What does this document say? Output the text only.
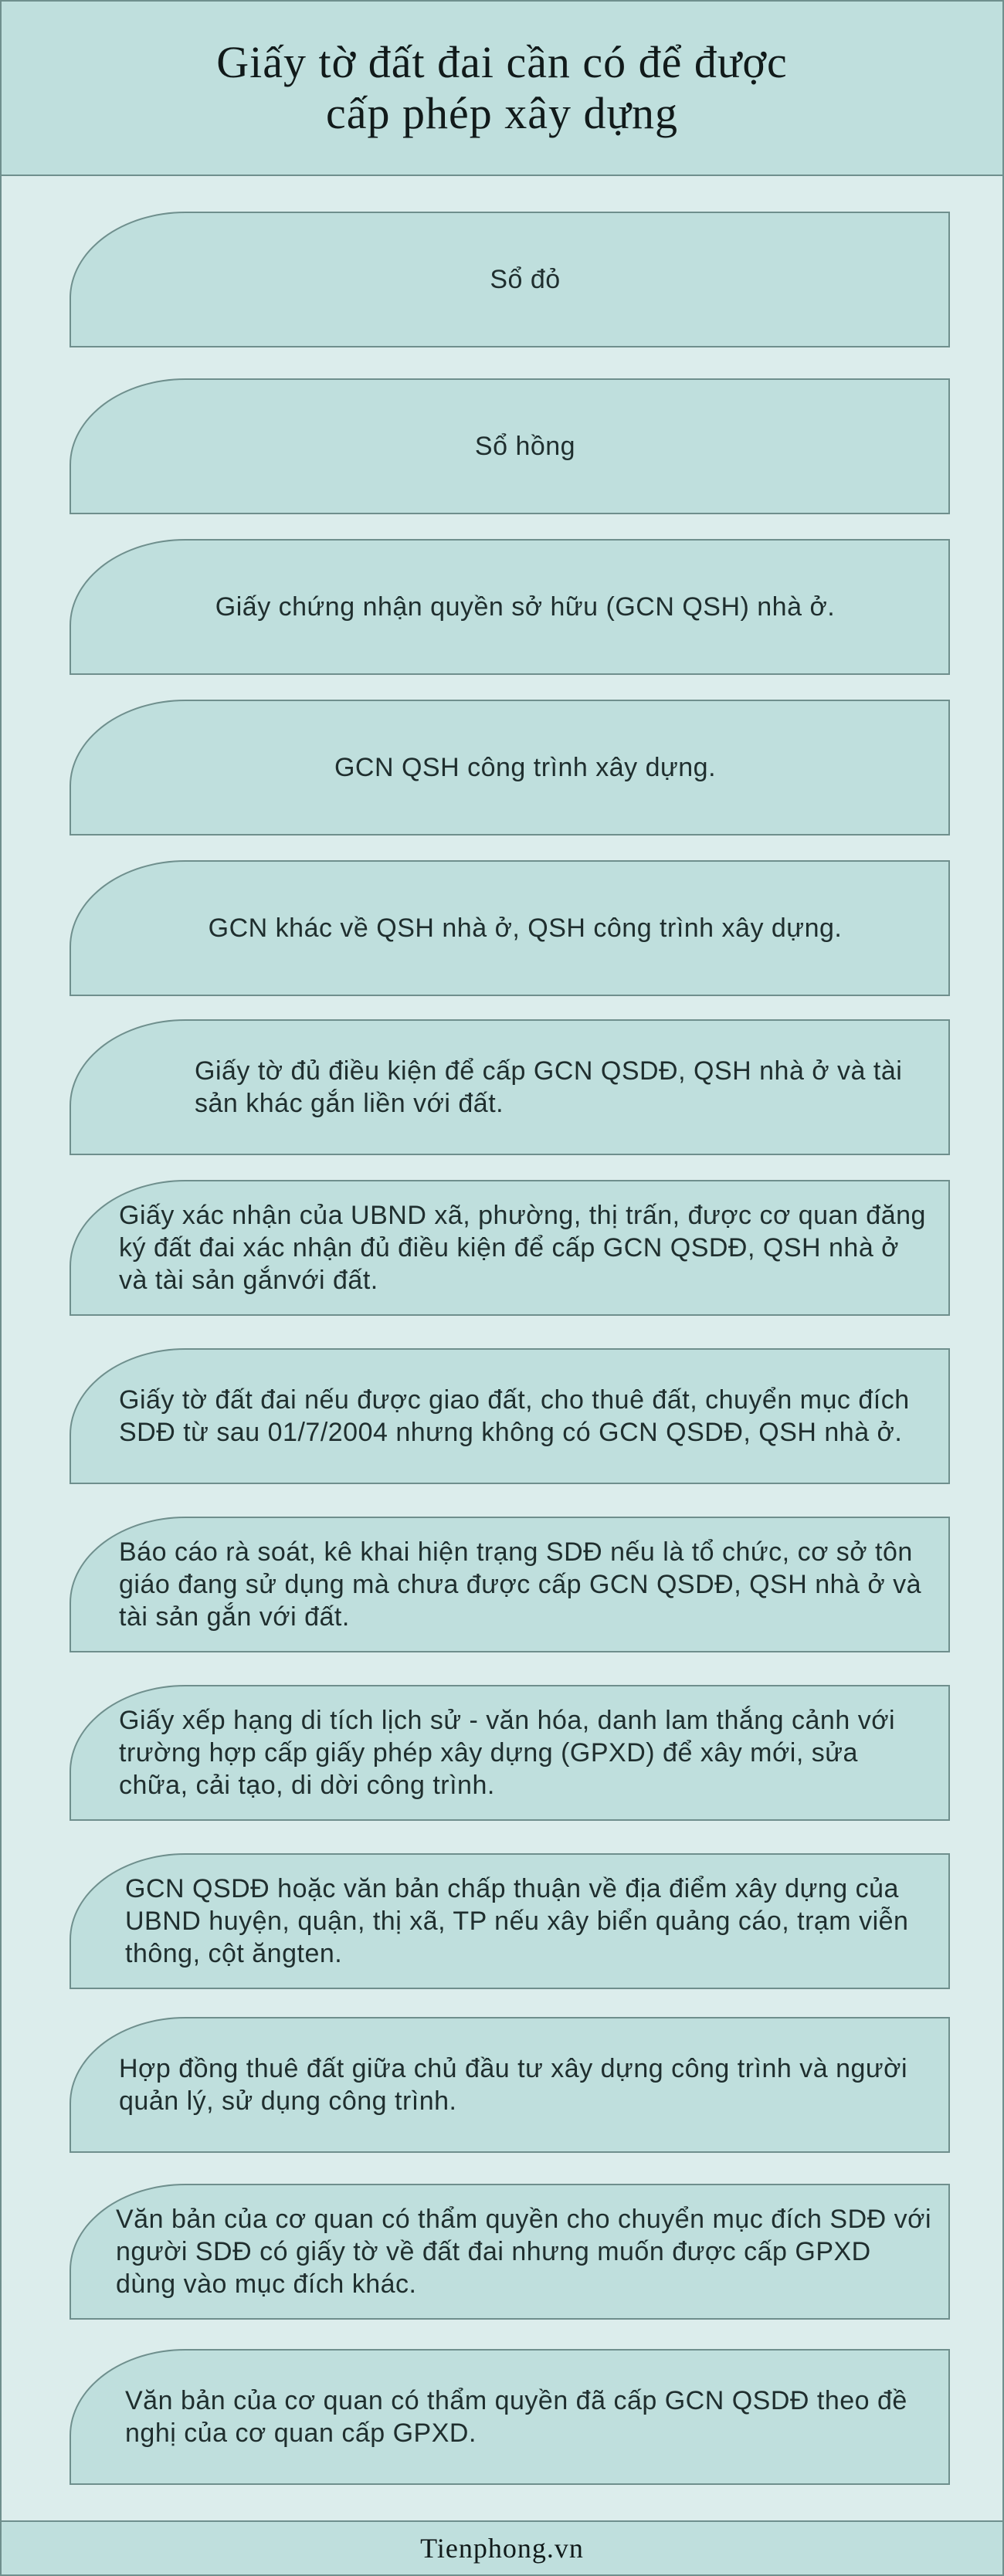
Giấy tờ đất đai cần có để được
cấp phép xây dựng
Sổ đỏ
Sổ hồng
Giấy chứng nhận quyền sở hữu (GCN QSH) nhà ở.
GCN QSH công trình xây dựng.
GCN khác về QSH nhà ở, QSH công trình xây dựng.
Giấy tờ đủ điều kiện để cấp GCN QSDĐ, QSH nhà ở và tài sản khác gắn liền với đất.
Giấy xác nhận của UBND xã, phường, thị trấn, được cơ quan đăng ký đất đai xác nhận đủ điều kiện để cấp GCN QSDĐ, QSH nhà ở và tài sản gắnvới đất.
Giấy tờ đất đai nếu được giao đất, cho thuê đất, chuyển mục đích SDĐ từ sau 01/7/2004 nhưng không có GCN QSDĐ, QSH nhà ở.
Báo cáo rà soát, kê khai hiện trạng SDĐ nếu là tổ chức, cơ sở tôn giáo đang sử dụng mà chưa được cấp GCN QSDĐ, QSH nhà ở và tài sản gắn với đất.
Giấy xếp hạng di tích lịch sử - văn hóa, danh lam thắng cảnh với trường hợp cấp giấy phép xây dựng (GPXD) để xây mới, sửa chữa, cải tạo, di dời công trình.
GCN QSDĐ hoặc văn bản chấp thuận về địa điểm xây dựng của UBND huyện, quận, thị xã, TP nếu xây biển quảng cáo, trạm viễn thông, cột ăngten.
Hợp đồng thuê đất giữa chủ đầu tư xây dựng công trình và người quản lý, sử dụng công trình.
Văn bản của cơ quan có thẩm quyền cho chuyển mục đích SDĐ với người SDĐ có giấy tờ về đất đai nhưng muốn được cấp GPXD dùng vào mục đích khác.
Văn bản của cơ quan có thẩm quyền đã cấp GCN QSDĐ theo đề nghị của cơ quan cấp GPXD.
Tienphong.vn
